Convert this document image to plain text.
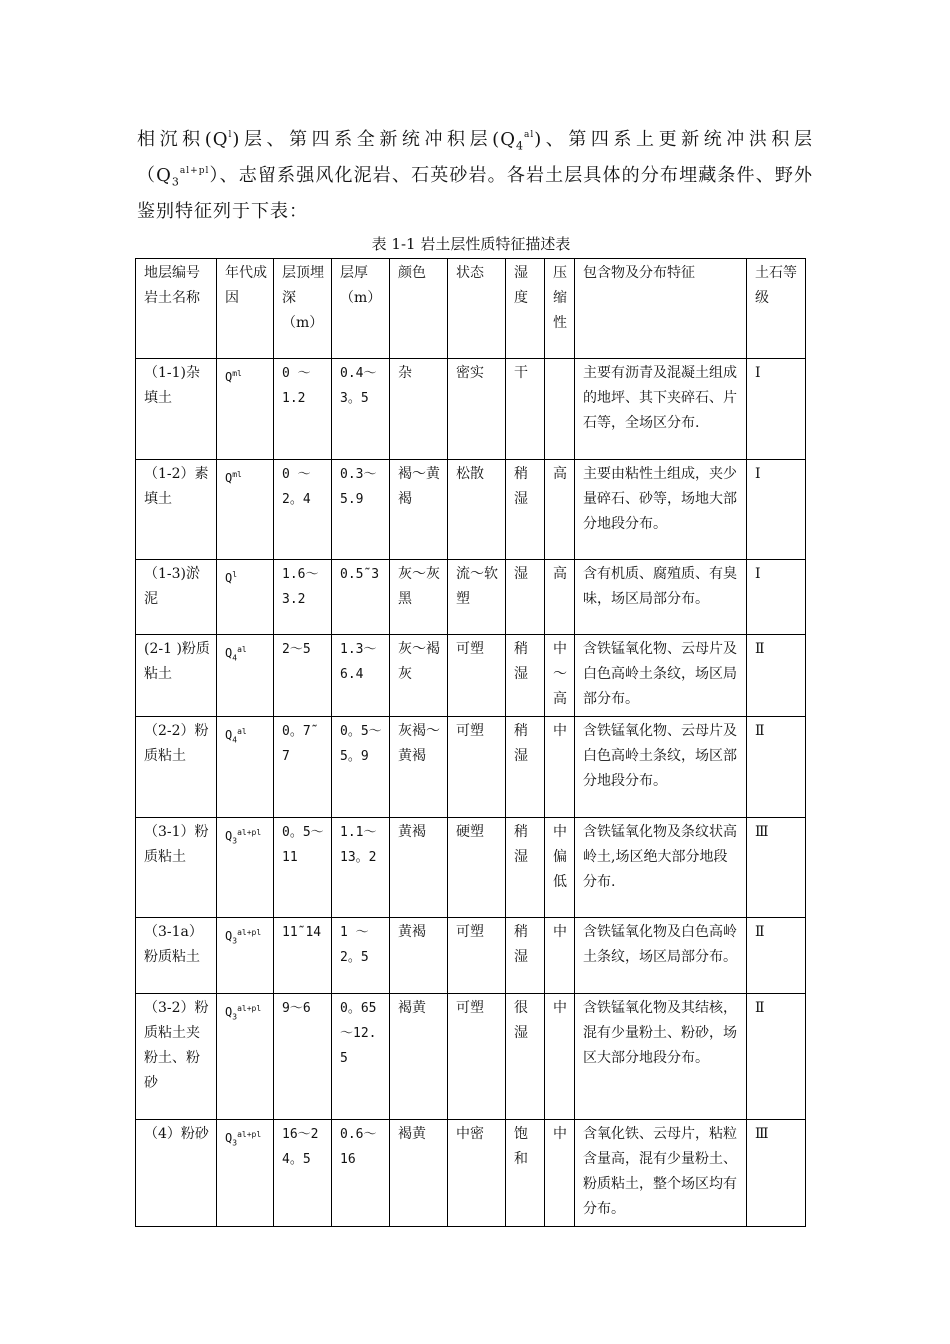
相沉积$(Q^l)$层、第四系全新统冲积层$(Q_4^{al})$、第四系上更新统冲洪积层$(Q_3^{al+pl})$、志留系强风化泥岩、石英砂岩。各岩土层具体的分布埋藏条件、野外鉴别特征列于下表：
表 1-1 岩土层性质特征描述表
地层编号岩土名称	年代成因	层顶埋深（m）	层厚（m）	颜色	状态	湿度	压缩性	包含物及分布特征	土石等级
（1-1)杂填土	$Q^{ml}$	0 ～1.2	0.4～3。5	杂	密实	干		主要有沥青及混凝土组成的地坪、其下夹碎石、片石等，全场区分布.	Ⅰ
（1-2）素填土	$Q^{ml}$	0 ～2。4	0.3～5.9	褐～黄褐	松散	稍湿	高	主要由粘性土组成，夹少量碎石、砂等，场地大部分地段分布。	Ⅰ
（1-3)淤泥	$Q^l$	1.6～3.2	0.5˜3	灰～灰黑	流～软塑	湿	高	含有机质、腐殖质、有臭味，场区局部分布。	Ⅰ
(2-1 )粉质粘土	$Q_4^{al}$	2～5	1.3～6.4	灰～褐灰	可塑	稍湿	中～高	含铁锰氧化物、云母片及白色高岭土条纹，场区局部分布。	Ⅱ
（2-2）粉质粘土	$Q_4^{al}$	0。7˜7	0。5～5。9	灰褐～黄褐	可塑	稍湿	中	含铁锰氧化物、云母片及白色高岭土条纹，场区部分地段分布。	Ⅱ
（3-1）粉质粘土	$Q_3^{al+pl}$	0。5～11	1.1～13。2	黄褐	硬塑	稍湿	中偏低	含铁锰氧化物及条纹状高岭土,场区绝大部分地段分布.	Ⅲ
（3-1a）粉质粘土	$Q_3^{al+pl}$	11˜14	1 ～2。5	黄褐	可塑	稍湿	中	含铁锰氧化物及白色高岭土条纹，场区局部分布。	Ⅱ
（3-2）粉质粘土夹粉土、粉砂	$Q_3^{al+pl}$	9～6	0。65 ～12.5	褐黄	可塑	很湿	中	含铁锰氧化物及其结核，混有少量粉土、粉砂，场区大部分地段分布。	Ⅱ
（4）粉砂	$Q_3^{al+pl}$	16～24。5	0.6～16	褐黄	中密	饱和	中	含氧化铁、云母片，粘粒含量高，混有少量粉土、粉质粘土，整个场区均有分布。	Ⅲ
